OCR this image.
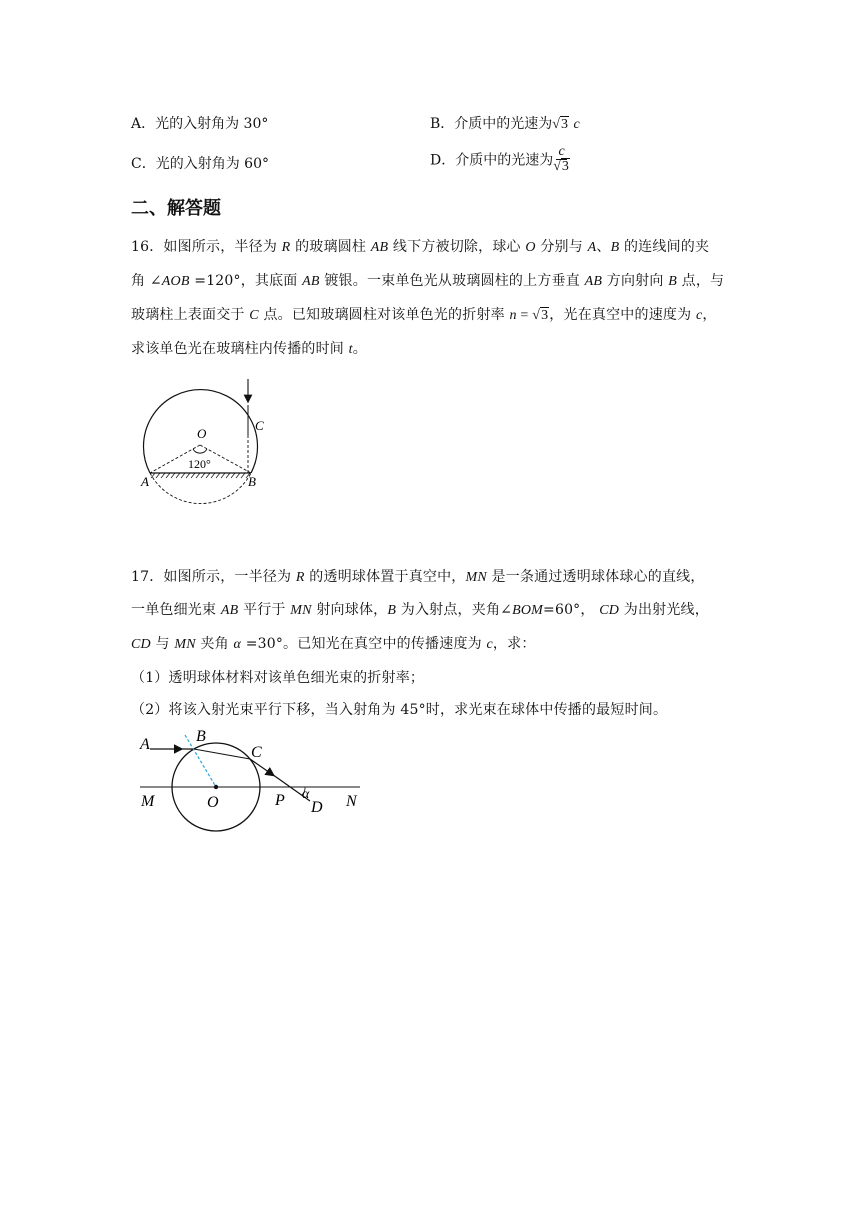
A．光的入射角为 30°	B．介质中的光速为√3 c
C．光的入射角为 60°	D．介质中的光速为 $\frac{c}{√3}$
二、解答题
16．如图所示，半径为 R 的玻璃圆柱 AB 线下方被切除，球心 O 分别与 A、B 的连线间的夹
角 ∠AOB =120°，其底面 AB 镀银。一束单色光从玻璃圆柱的上方垂直 AB 方向射向 B 点，与
玻璃柱上表面交于 C 点。已知玻璃圆柱对该单色光的折射率 n = √3，光在真空中的速度为 c，
求该单色光在玻璃柱内传播的时间 t。
O
120°
A	B
C
17．如图所示，一半径为 R 的透明球体置于真空中，MN 是一条通过透明球体球心的直线，
一单色细光束 AB 平行于 MN 射向球体，B 为入射点，夹角∠BOM=60°， CD 为出射光线，
CD 与 MN 夹角 α =30°。已知光在真空中的传播速度为 c，求：
（1）透明球体材料对该单色细光束的折射率；
（2）将该入射光束平行下移，当入射角为 45°时，求光束在球体中传播的最短时间。
A	B
C
M	O	P α
D N
